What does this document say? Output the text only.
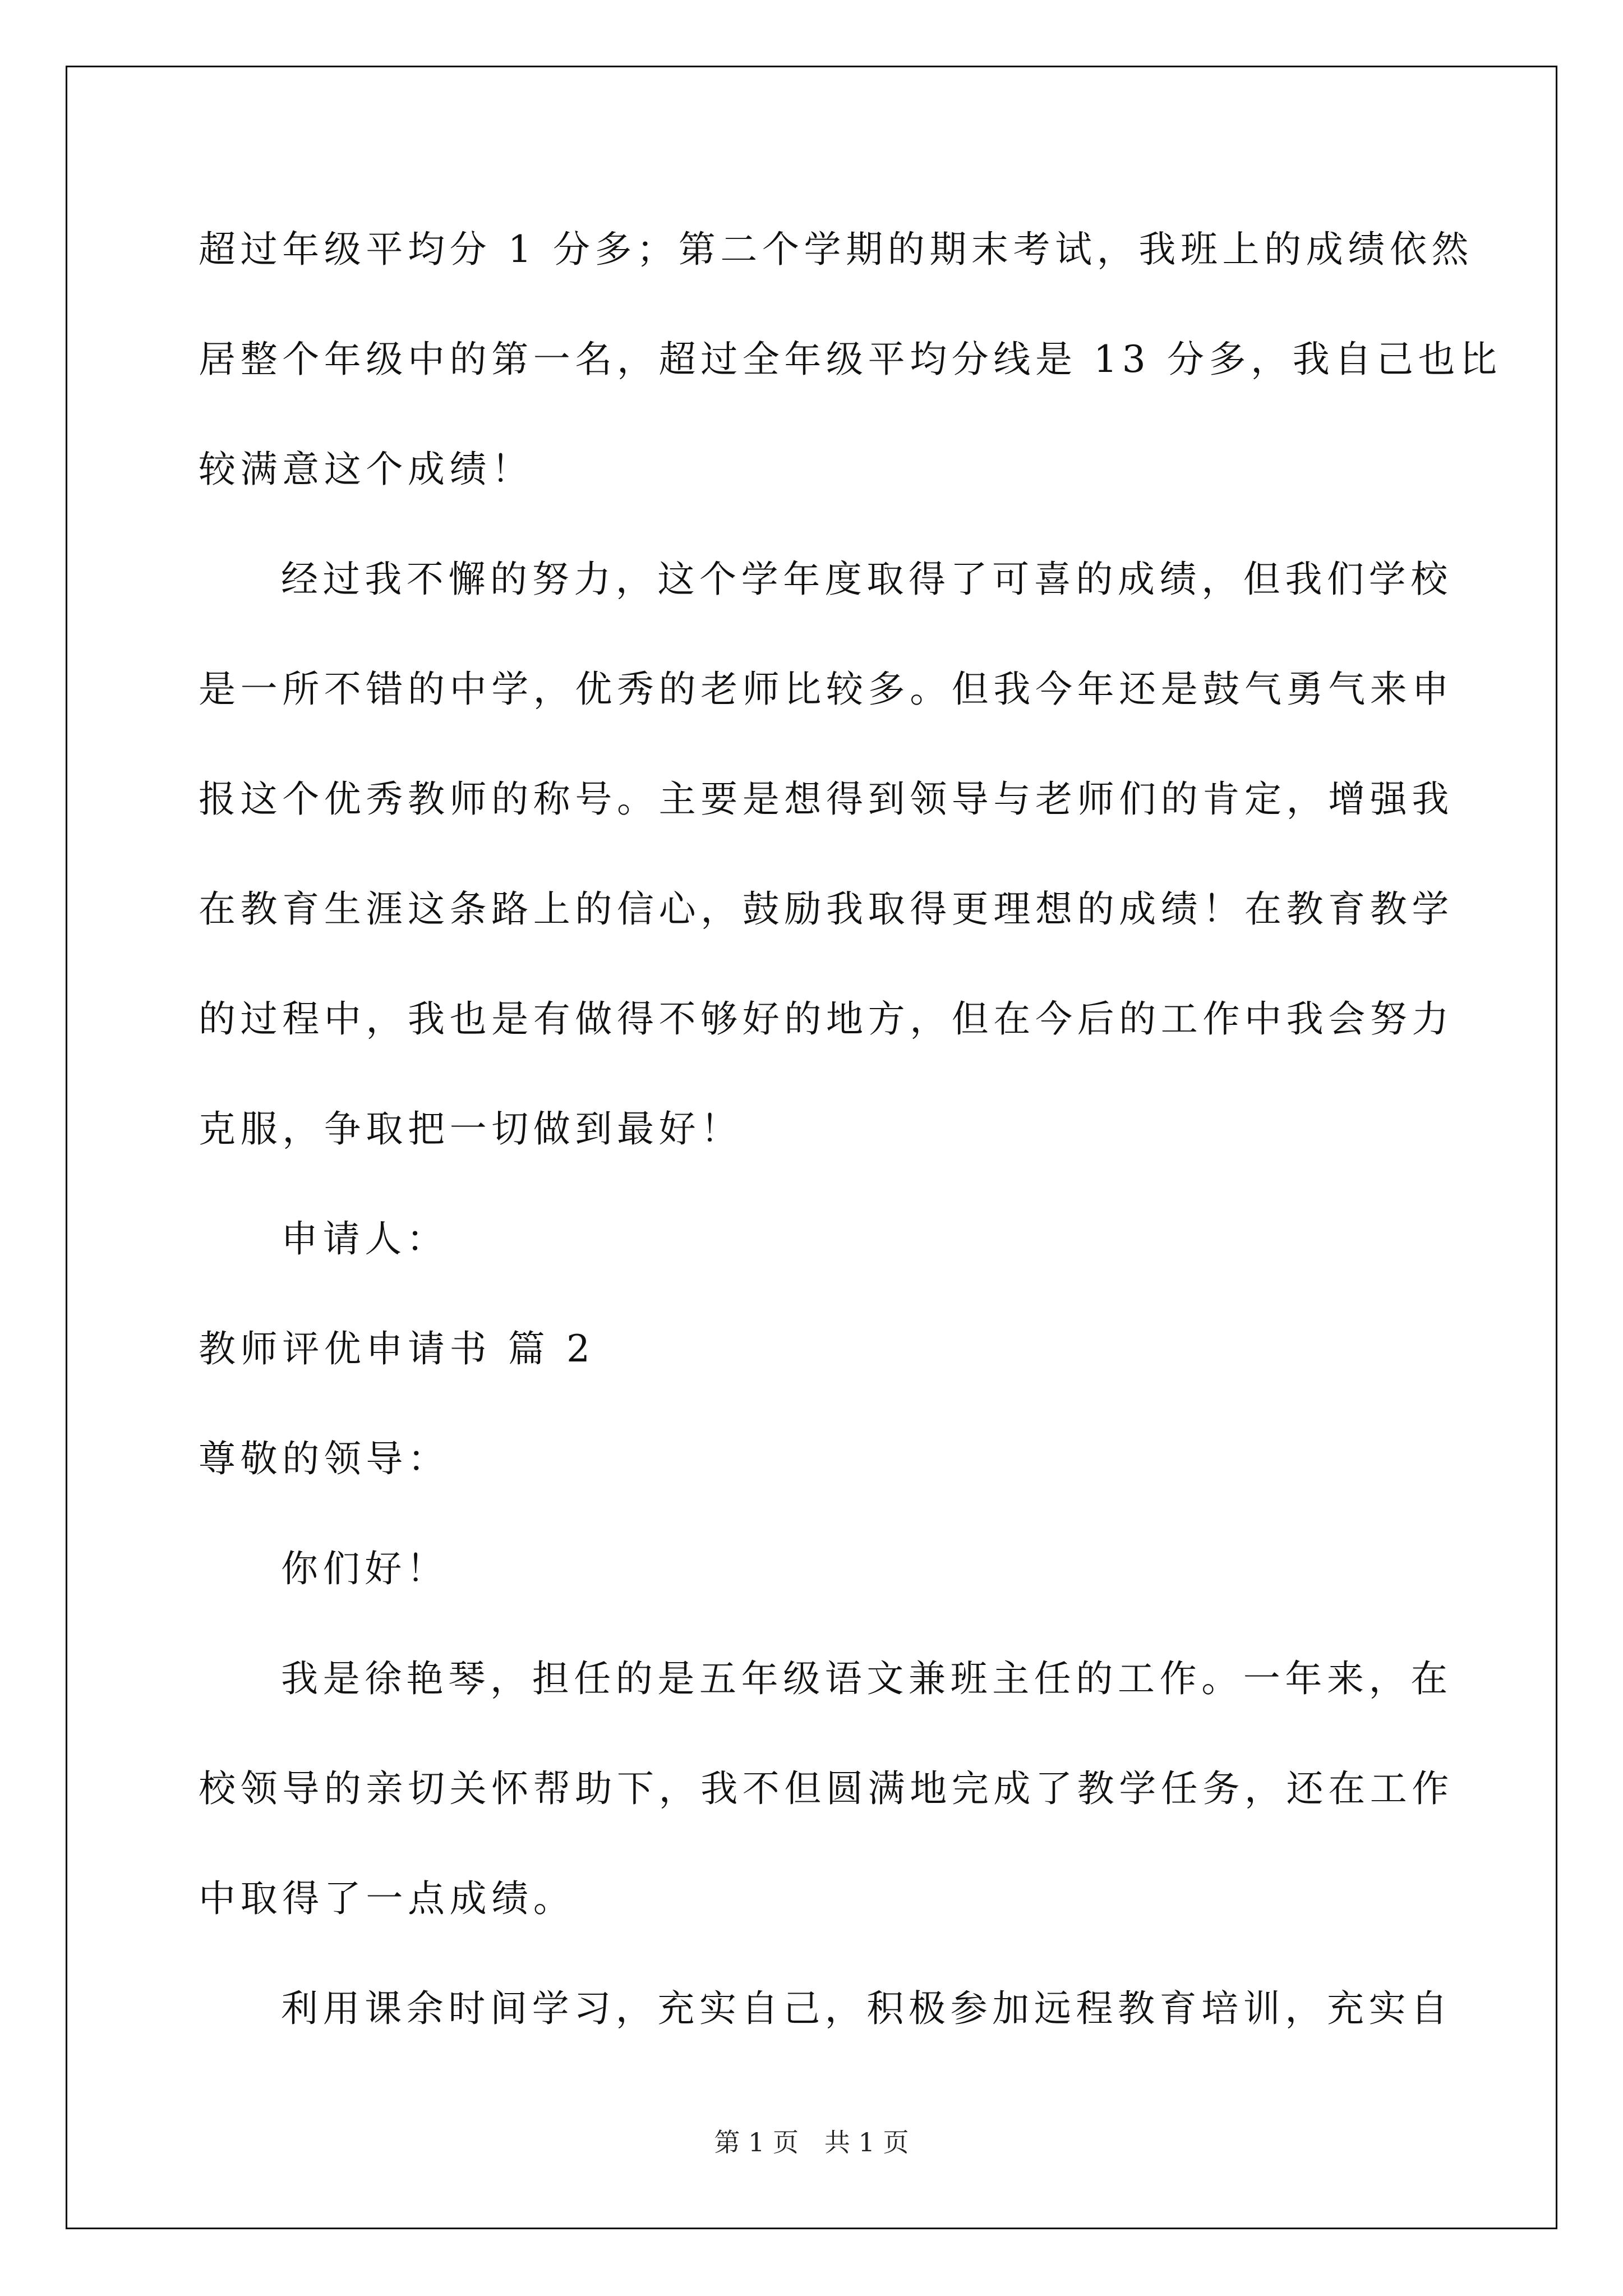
超过年级平均分 1 分多；第二个学期的期末考试，我班上的成绩依然
居整个年级中的第一名，超过全年级平均分线是 13 分多，我自己也比
较满意这个成绩！
经过我不懈的努力，这个学年度取得了可喜的成绩，但我们学校
是一所不错的中学，优秀的老师比较多。但我今年还是鼓气勇气来申
报这个优秀教师的称号。主要是想得到领导与老师们的肯定，增强我
在教育生涯这条路上的信心，鼓励我取得更理想的成绩！在教育教学
的过程中，我也是有做得不够好的地方，但在今后的工作中我会努力
克服，争取把一切做到最好！
申请人：
教师评优申请书 篇 2
尊敬的领导：
你们好！
我是徐艳琴，担任的是五年级语文兼班主任的工作。一年来，在
校领导的亲切关怀帮助下，我不但圆满地完成了教学任务，还在工作
中取得了一点成绩。
利用课余时间学习，充实自己，积极参加远程教育培训，充实自
第 1 页　共 1 页
